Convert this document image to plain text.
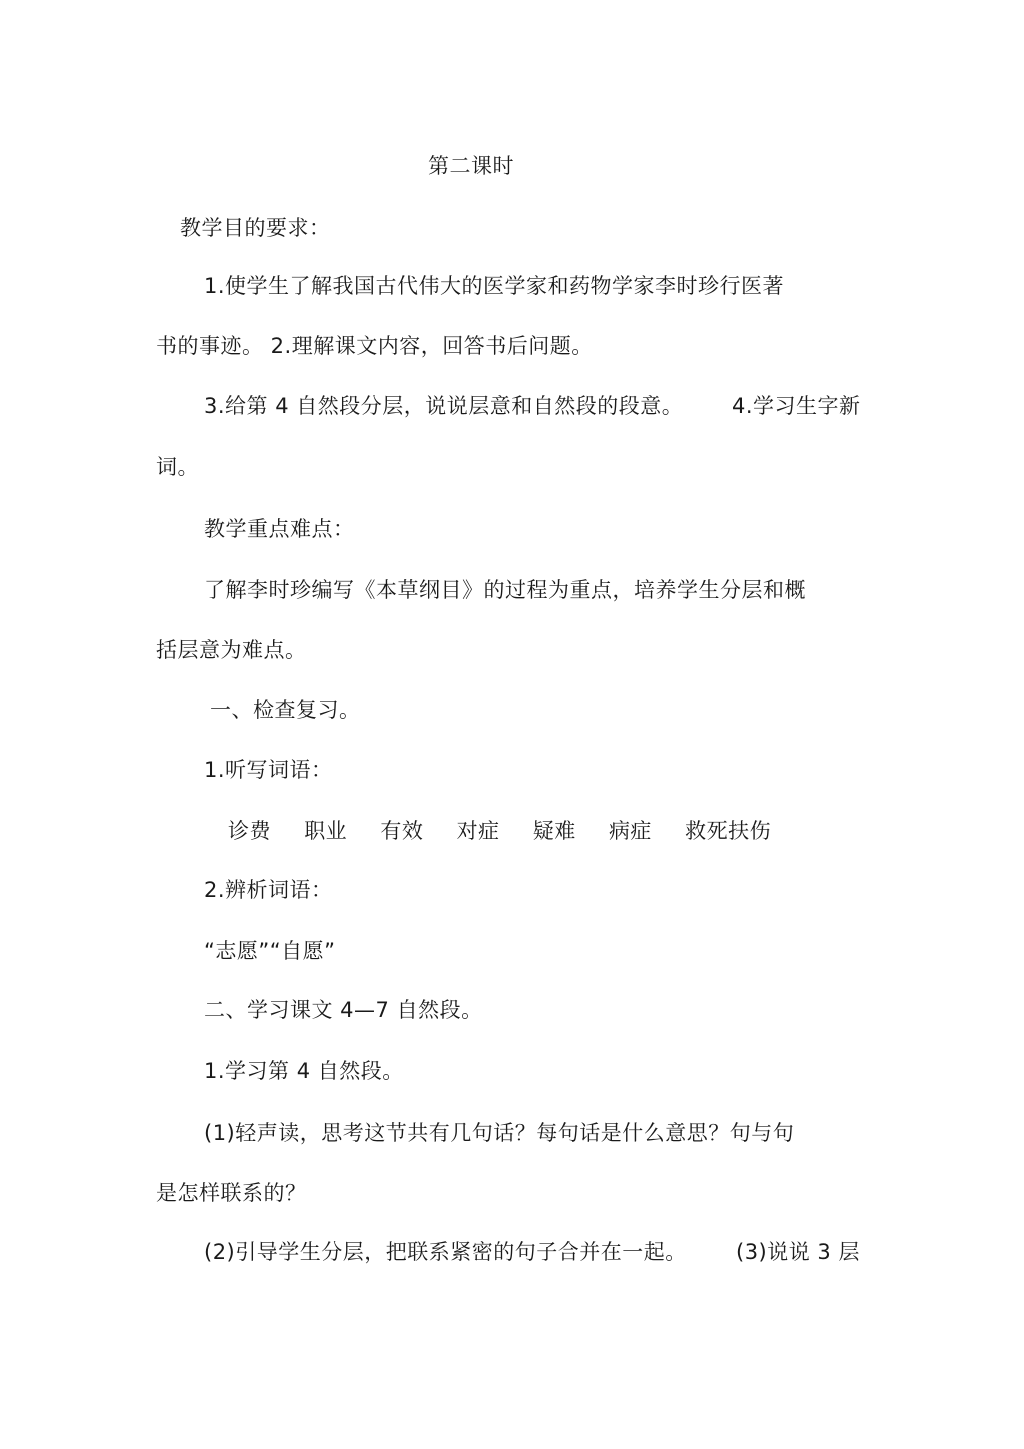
第二课时
教学目的要求：
1.使学生了解我国古代伟大的医学家和药物学家李时珍行医著
书的事迹。 2.理解课文内容，回答书后问题。
3.给第 4 自然段分层，说说层意和自然段的段意。 4.学习生字新
词。
教学重点难点：
了解李时珍编写《本草纲目》的过程为重点，培养学生分层和概
括层意为难点。
一、检查复习。
1.听写词语：
诊费 职业 有效 对症 疑难 病症 救死扶伤
2.辨析词语：
“志愿”“自愿”
二、学习课文 4—7 自然段。
1.学习第 4 自然段。
(1)轻声读，思考这节共有几句话？每句话是什么意思？句与句
是怎样联系的？
(2)引导学生分层，把联系紧密的句子合并在一起。 (3)说说 3 层
